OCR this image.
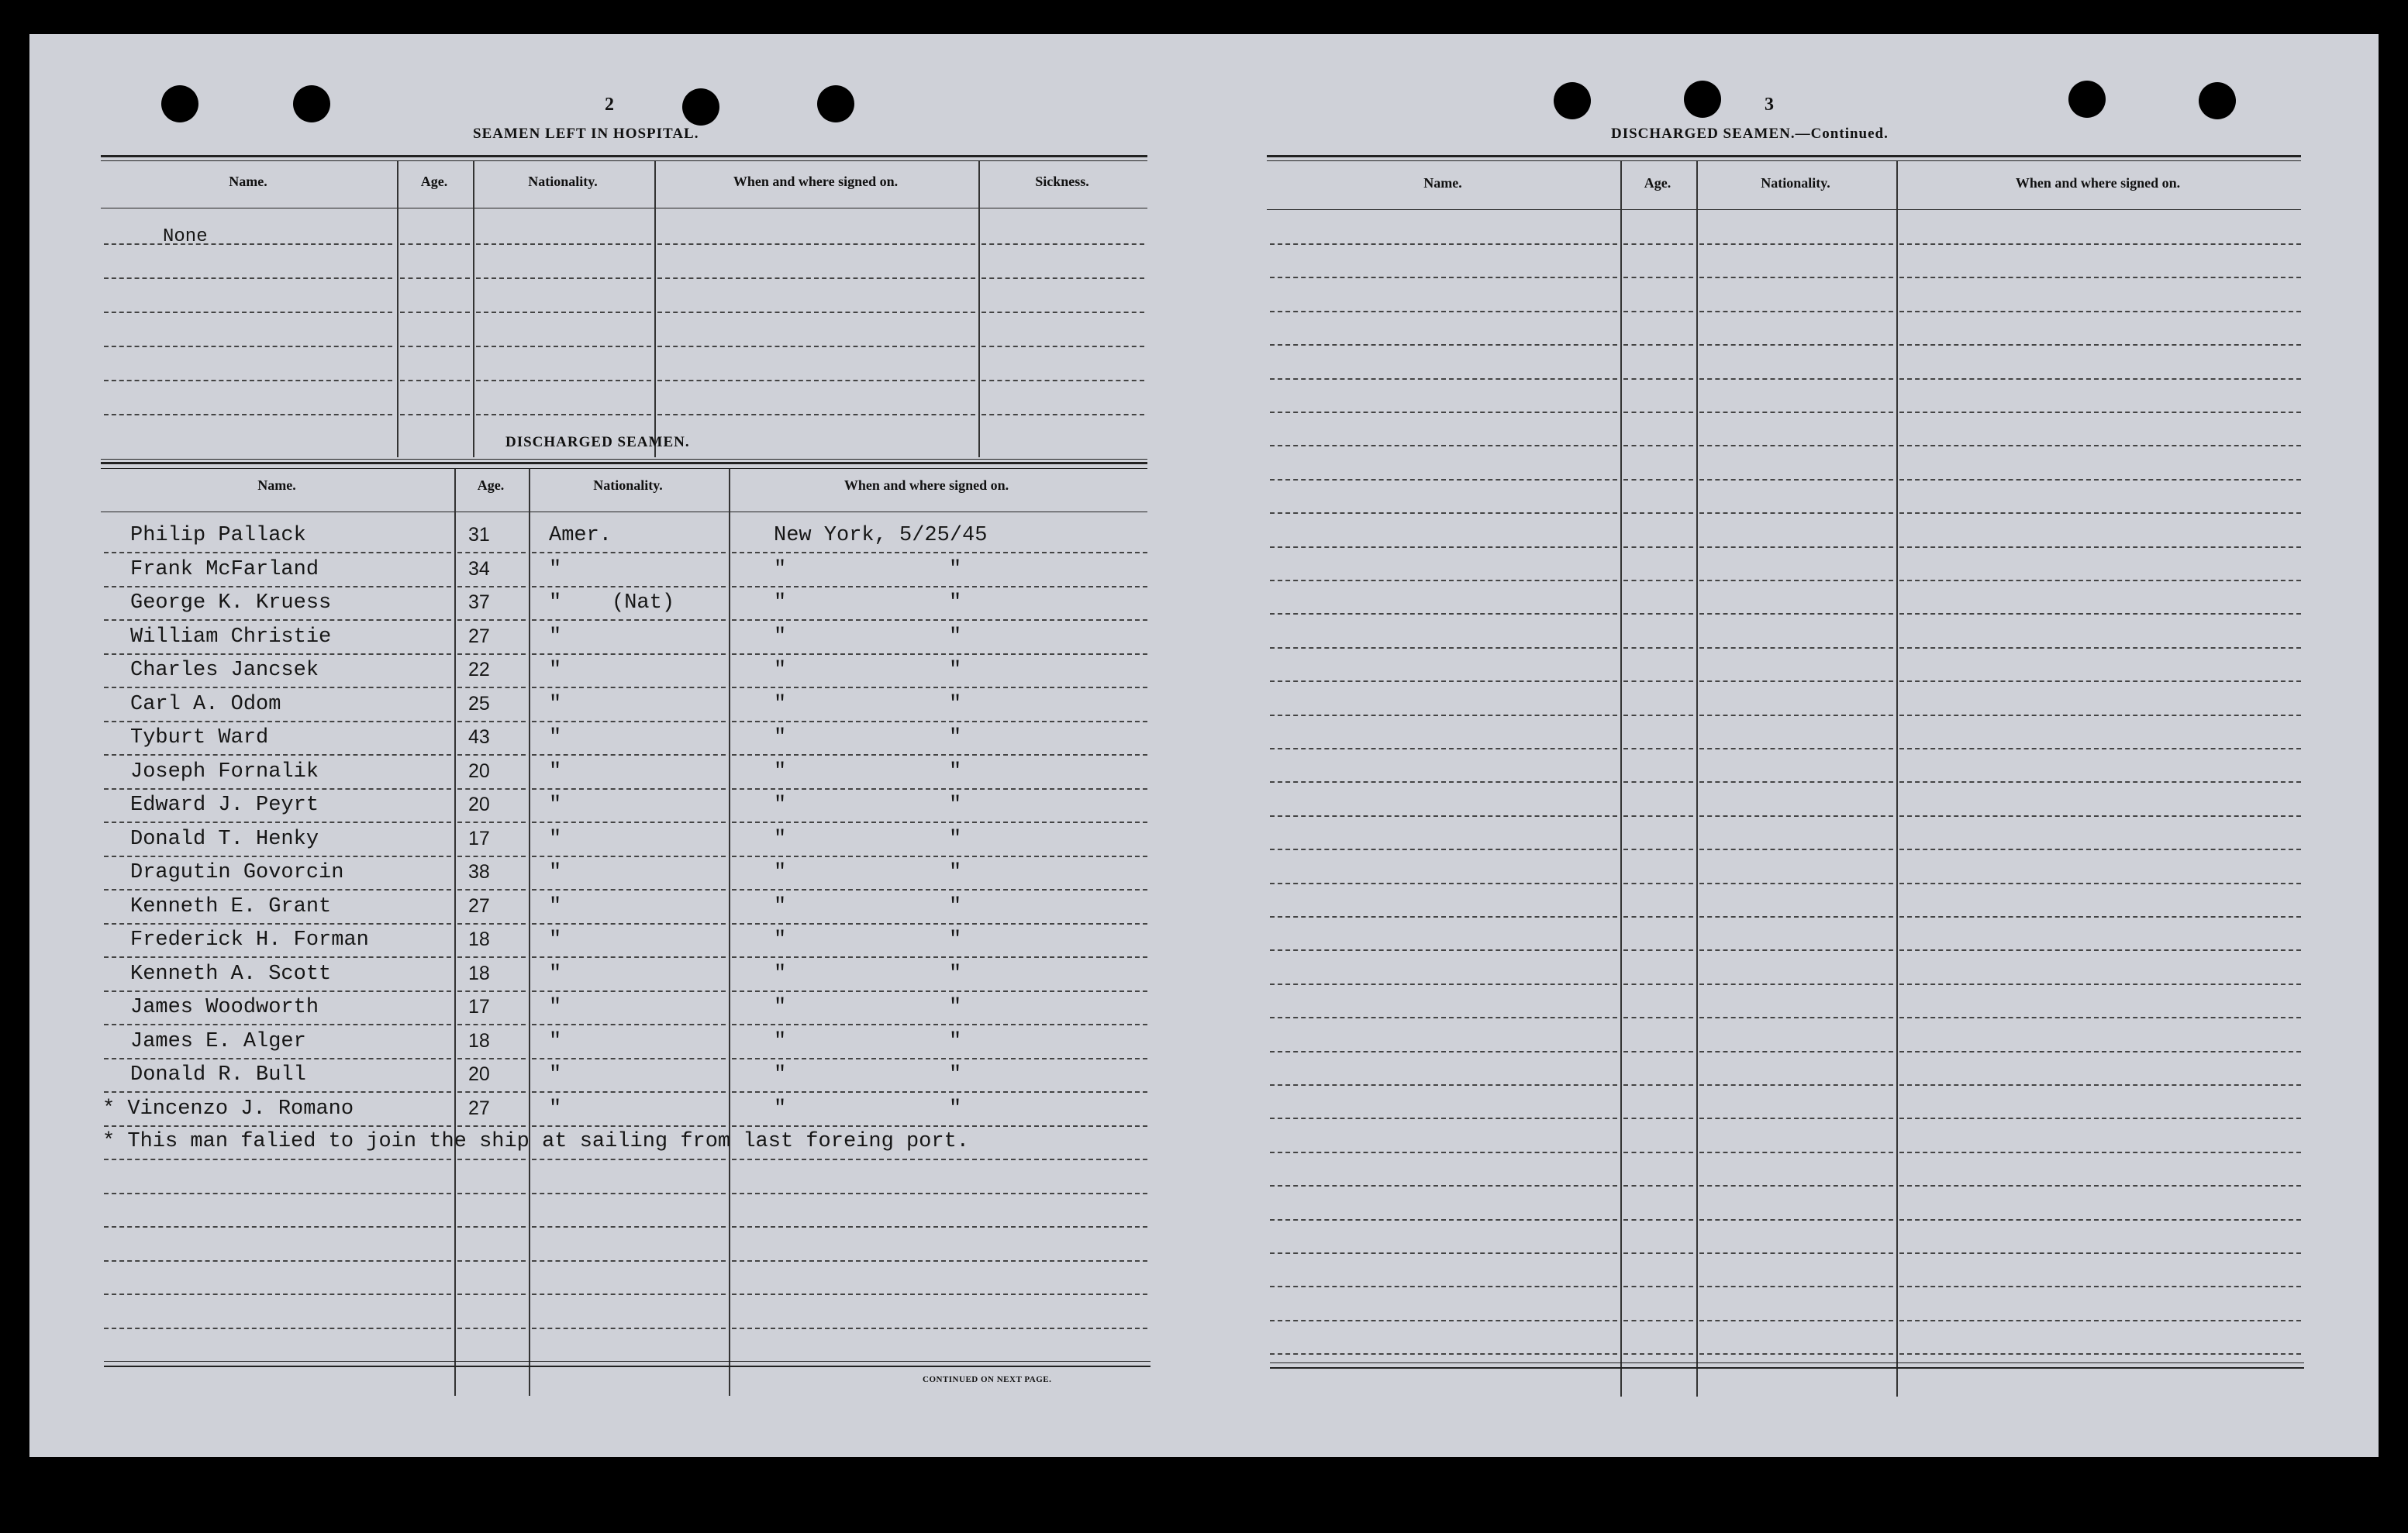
2
SEAMEN LEFT IN HOSPITAL.
Name.	Age.	Nationality.	When and where signed on.	Sickness.
None
DISCHARGED SEAMEN.
Name.	Age.	Nationality.	When and where signed on.
Philip Pallack	31	Amer.	New York, 5/25/45
Frank McFarland	34	"	"	"
George K. Kruess	37	"    (Nat)	"	"
William Christie	27	"	"	"
Charles Jancsek	22	"	"	"
Carl A. Odom	25	"	"	"
Tyburt Ward	43	"	"	"
Joseph Fornalik	20	"	"	"
Edward J. Peyrt	20	"	"	"
Donald T. Henky	17	"	"	"
Dragutin Govorcin	38	"	"	"
Kenneth E. Grant	27	"	"	"
Frederick H. Forman	18	"	"	"
Kenneth A. Scott	18	"	"	"
James Woodworth	17	"	"	"
James E. Alger	18	"	"	"
Donald R. Bull	20	"	"	"
* Vincenzo J. Romano	27	"	"	"
* This man falied to join the ship at sailing from last foreing port.
CONTINUED ON NEXT PAGE.
3
DISCHARGED SEAMEN.—Continued.
Name.	Age.	Nationality.	When and where signed on.
